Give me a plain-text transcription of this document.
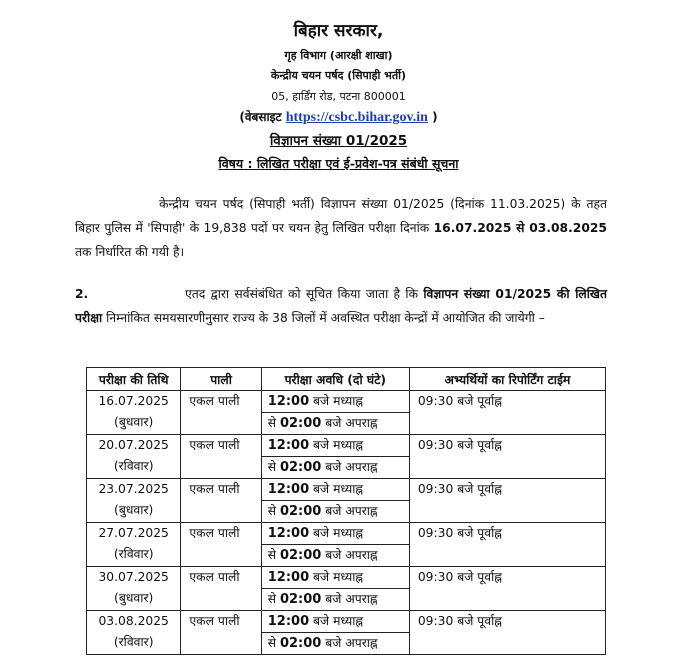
बिहार सरकार,
गृह विभाग (आरक्षी शाखा)
केन्द्रीय चयन पर्षद (सिपाही भर्ती)
05, हार्डिंग रोड, पटना 800001
(वेबसाइट https://csbc.bihar.gov.in )
विज्ञापन संख्या 01/2025
विषय : लिखित परीक्षा एवं ई-प्रवेश-पत्र संबंधी सूचना
केन्द्रीय चयन पर्षद (सिपाही भर्ती) विज्ञापन संख्या 01/2025 (दिनांक 11.03.2025) के तहत बिहार पुलिस में 'सिपाही' के 19,838 पदों पर चयन हेतु लिखित परीक्षा दिनांक 16.07.2025 से 03.08.2025 तक निर्धारित की गयी है।
2.	एतद द्वारा सर्वसंबंधित को सूचित किया जाता है कि विज्ञापन संख्या 01/2025 की लिखित परीक्षा निम्नांकित समयसारणीनुसार राज्य के 38 जिलों में अवस्थित परीक्षा केन्द्रों में आयोजित की जायेगी –
परीक्षा की तिथि	पाली	परीक्षा अवधि (दो घंटे)	अभ्यर्थियों का रिपोर्टिंग टाईम

16.07.2025
(बुधवार)	एकल पाली	12:00 बजे मध्याह्न
से 02:00 बजे अपराह्न	09:30 बजे पूर्वाह्न

20.07.2025
(रविवार)	एकल पाली	12:00 बजे मध्याह्न
से 02:00 बजे अपराह्न	09:30 बजे पूर्वाह्न

23.07.2025
(बुधवार)	एकल पाली	12:00 बजे मध्याह्न
से 02:00 बजे अपराह्न	09:30 बजे पूर्वाह्न

27.07.2025
(रविवार)	एकल पाली	12:00 बजे मध्याह्न
से 02:00 बजे अपराह्न	09:30 बजे पूर्वाह्न

30.07.2025
(बुधवार)	एकल पाली	12:00 बजे मध्याह्न
से 02:00 बजे अपराह्न	09:30 बजे पूर्वाह्न

03.08.2025
(रविवार)	एकल पाली	12:00 बजे मध्याह्न
से 02:00 बजे अपराह्न	09:30 बजे पूर्वाह्न
